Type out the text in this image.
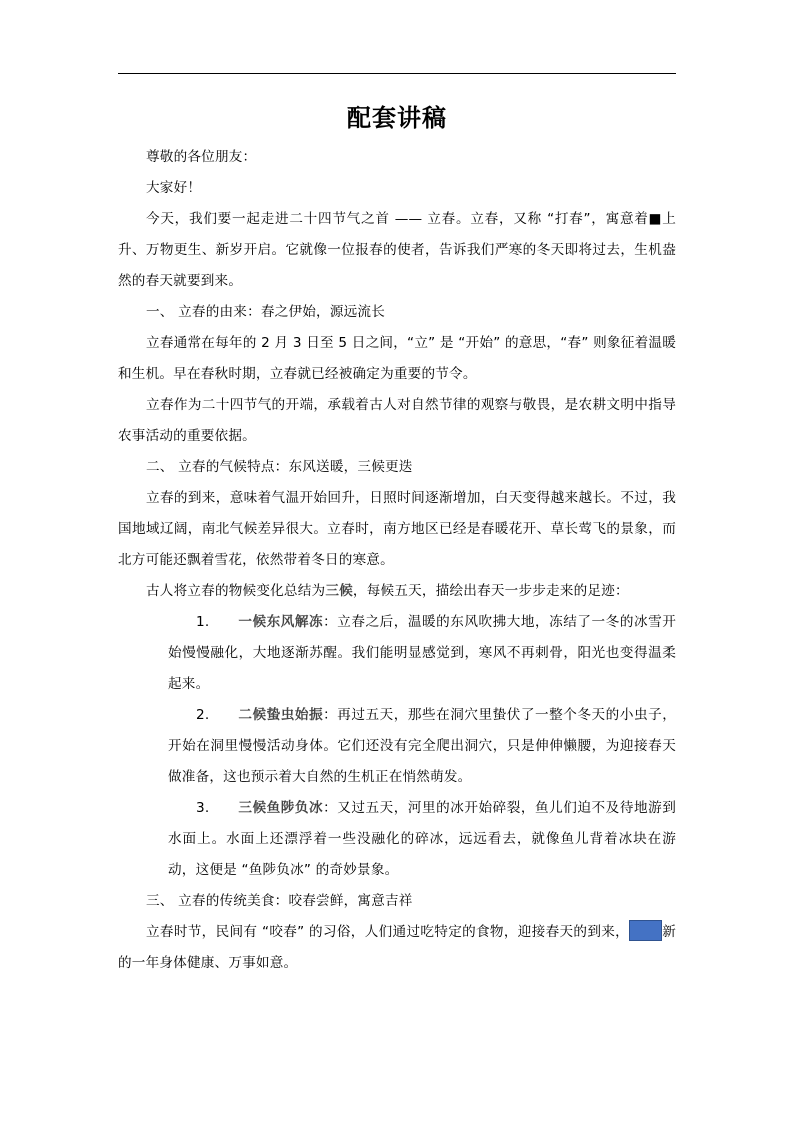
配套讲稿

尊敬的各位朋友：

大家好！

今天，我们要一起走进二十四节气之首 —— 立春。立春，又称 “打春”，寓意着■上升、万物更生、新岁开启。它就像一位报春的使者，告诉我们严寒的冬天即将过去，生机盎然的春天就要到来。

一、 立春的由来：春之伊始，源远流长

立春通常在每年的 2 月 3 日至 5 日之间，“立” 是 “开始” 的意思，“春” 则象征着温暖和生机。早在春秋时期，立春就已经被确定为重要的节令。

立春作为二十四节气的开端，承载着古人对自然节律的观察与敬畏，是农耕文明中指导农事活动的重要依据。

二、 立春的气候特点：东风送暖，三候更迭

立春的到来，意味着气温开始回升，日照时间逐渐增加，白天变得越来越长。不过，我国地域辽阔，南北气候差异很大。立春时，南方地区已经是春暖花开、草长莺飞的景象，而北方可能还飘着雪花，依然带着冬日的寒意。

古人将立春的物候变化总结为三候，每候五天，描绘出春天一步步走来的足迹：

1. 一候东风解冻：立春之后，温暖的东风吹拂大地，冻结了一冬的冰雪开始慢慢融化，大地逐渐苏醒。我们能明显感觉到，寒风不再刺骨，阳光也变得温柔起来。

2. 二候蛰虫始振：再过五天，那些在洞穴里蛰伏了一整个冬天的小虫子，开始在洞里慢慢活动身体。它们还没有完全爬出洞穴，只是伸伸懒腰，为迎接春天做准备，这也预示着大自然的生机正在悄然萌发。

3. 三候鱼陟负冰：又过五天，河里的冰开始碎裂，鱼儿们迫不及待地游到水面上。水面上还漂浮着一些没融化的碎冰，远远看去，就像鱼儿背着冰块在游动，这便是 “鱼陟负冰” 的奇妙景象。

三、 立春的传统美食：咬春尝鲜，寓意吉祥

立春时节，民间有 “咬春” 的习俗，人们通过吃特定的食物，迎接春天的到来， 新的一年身体健康、万事如意。
